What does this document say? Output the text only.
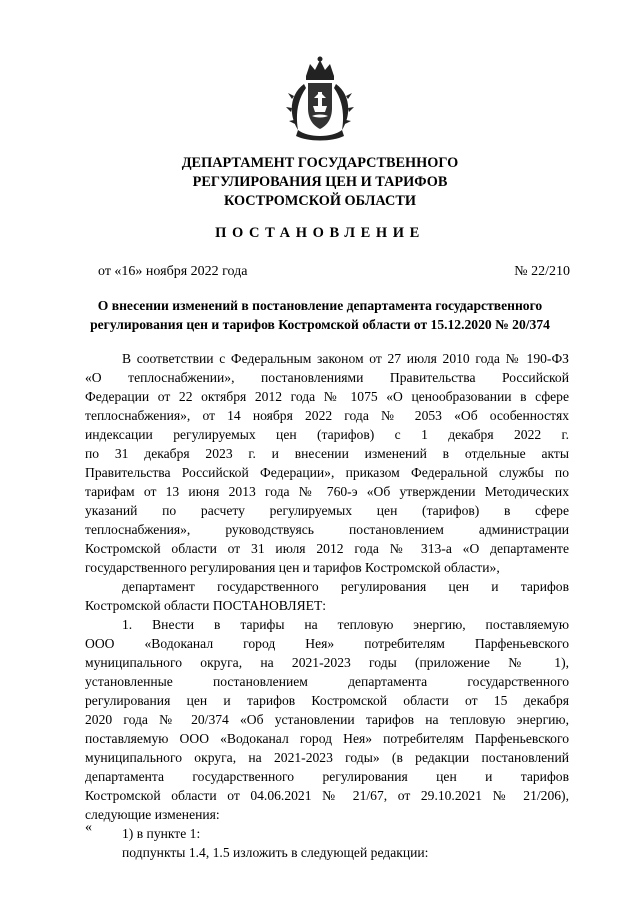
ДЕПАРТАМЕНТ ГОСУДАРСТВЕННОГО
РЕГУЛИРОВАНИЯ ЦЕН И ТАРИФОВ
КОСТРОМСКОЙ ОБЛАСТИ
ПОСТАНОВЛЕНИЕ
от «16» ноября 2022 года	№ 22/210
О внесении изменений в постановление департамента государственного
регулирования цен и тарифов Костромской области от 15.12.2020 № 20/374
В соответствии с Федеральным законом от 27 июля 2010 года № 190-ФЗ
«О теплоснабжении», постановлениями Правительства Российской
Федерации от 22 октября 2012 года № 1075 «О ценообразовании в сфере
теплоснабжения», от 14 ноября 2022 года № 2053 «Об особенностях
индексации регулируемых цен (тарифов) с 1 декабря 2022 г.
по 31 декабря 2023 г. и внесении изменений в отдельные акты
Правительства Российской Федерации», приказом Федеральной службы по
тарифам от 13 июня 2013 года № 760-э «Об утверждении Методических
указаний по расчету регулируемых цен (тарифов) в сфере
теплоснабжения», руководствуясь постановлением администрации
Костромской области от 31 июля 2012 года № 313-а «О департаменте
государственного регулирования цен и тарифов Костромской области»,
департамент государственного регулирования цен и тарифов
Костромской области ПОСТАНОВЛЯЕТ:
1. Внести в тарифы на тепловую энергию, поставляемую
ООО «Водоканал город Нея» потребителям Парфеньевского
муниципального округа, на 2021-2023 годы (приложение № 1),
установленные постановлением департамента государственного
регулирования цен и тарифов Костромской области от 15 декабря
2020 года № 20/374 «Об установлении тарифов на тепловую энергию,
поставляемую ООО «Водоканал город Нея» потребителям Парфеньевского
муниципального округа, на 2021-2023 годы» (в редакции постановлений
департамента государственного регулирования цен и тарифов
Костромской области от 04.06.2021 № 21/67, от 29.10.2021 № 21/206),
следующие изменения:
1) в пункте 1:
подпункты 1.4, 1.5 изложить в следующей редакции:
«
